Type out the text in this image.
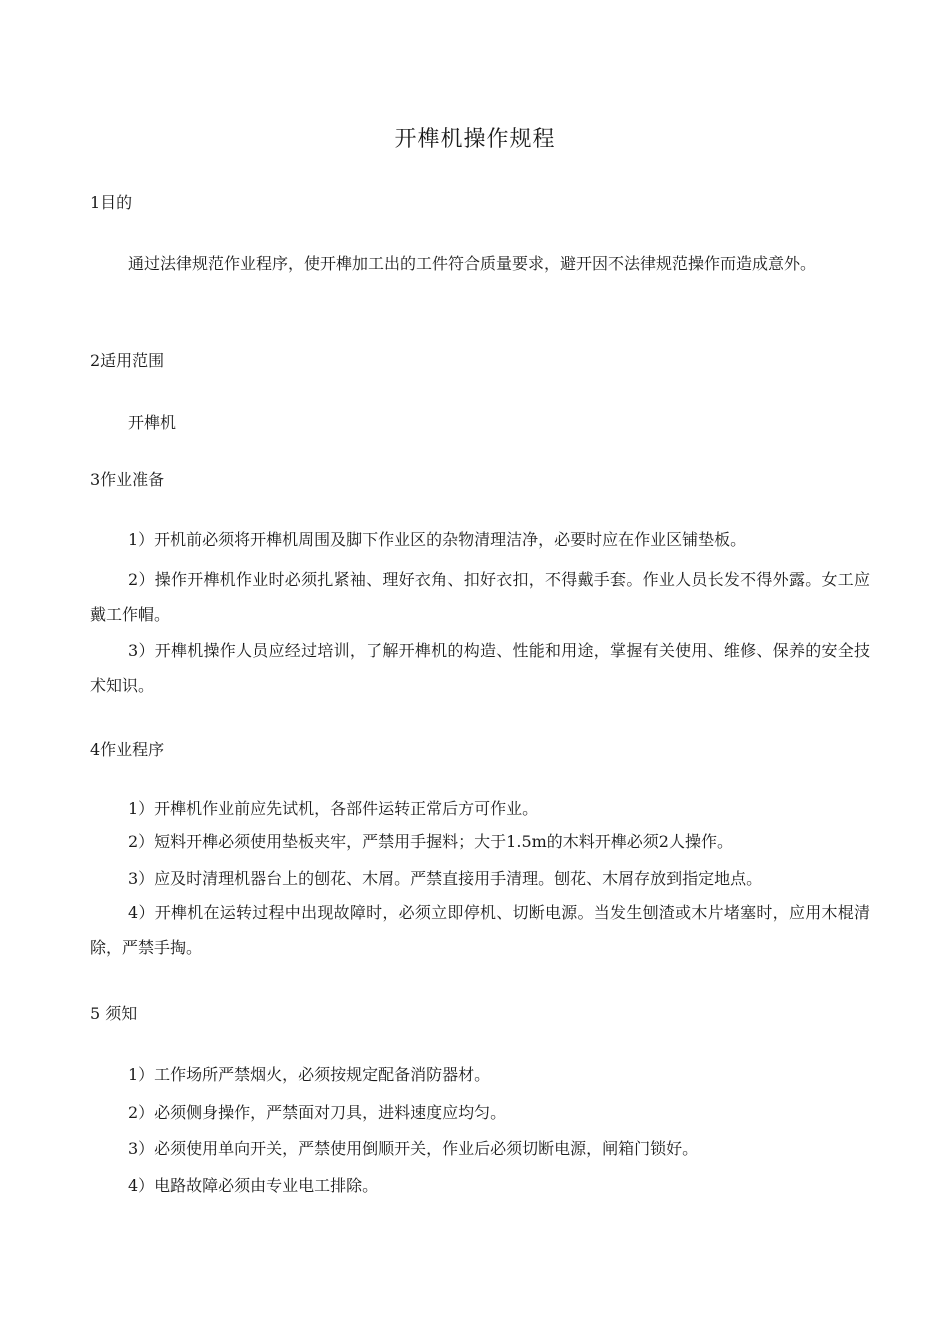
开榫机操作规程
1目的
通过法律规范作业程序，使开榫加工出的工件符合质量要求，避开因不法律规范操作而造成意外。
2适用范围
开榫机
3作业准备
1）开机前必须将开榫机周围及脚下作业区的杂物清理洁净，必要时应在作业区铺垫板。
2）操作开榫机作业时必须扎紧袖、理好衣角、扣好衣扣，不得戴手套。作业人员长发不得外露。女工应戴工作帽。
3）开榫机操作人员应经过培训，了解开榫机的构造、性能和用途，掌握有关使用、维修、保养的安全技术知识。
4作业程序
1）开榫机作业前应先试机，各部件运转正常后方可作业。
2）短料开榫必须使用垫板夹牢，严禁用手握料；大于1.5m的木料开榫必须2人操作。
3）应及时清理机器台上的刨花、木屑。严禁直接用手清理。刨花、木屑存放到指定地点。
4）开榫机在运转过程中出现故障时，必须立即停机、切断电源。当发生刨渣或木片堵塞时，应用木棍清除，严禁手掏。
5 须知
1）工作场所严禁烟火，必须按规定配备消防器材。
2）必须侧身操作，严禁面对刀具，进料速度应均匀。
3）必须使用单向开关，严禁使用倒顺开关，作业后必须切断电源，闸箱门锁好。
4）电路故障必须由专业电工排除。
